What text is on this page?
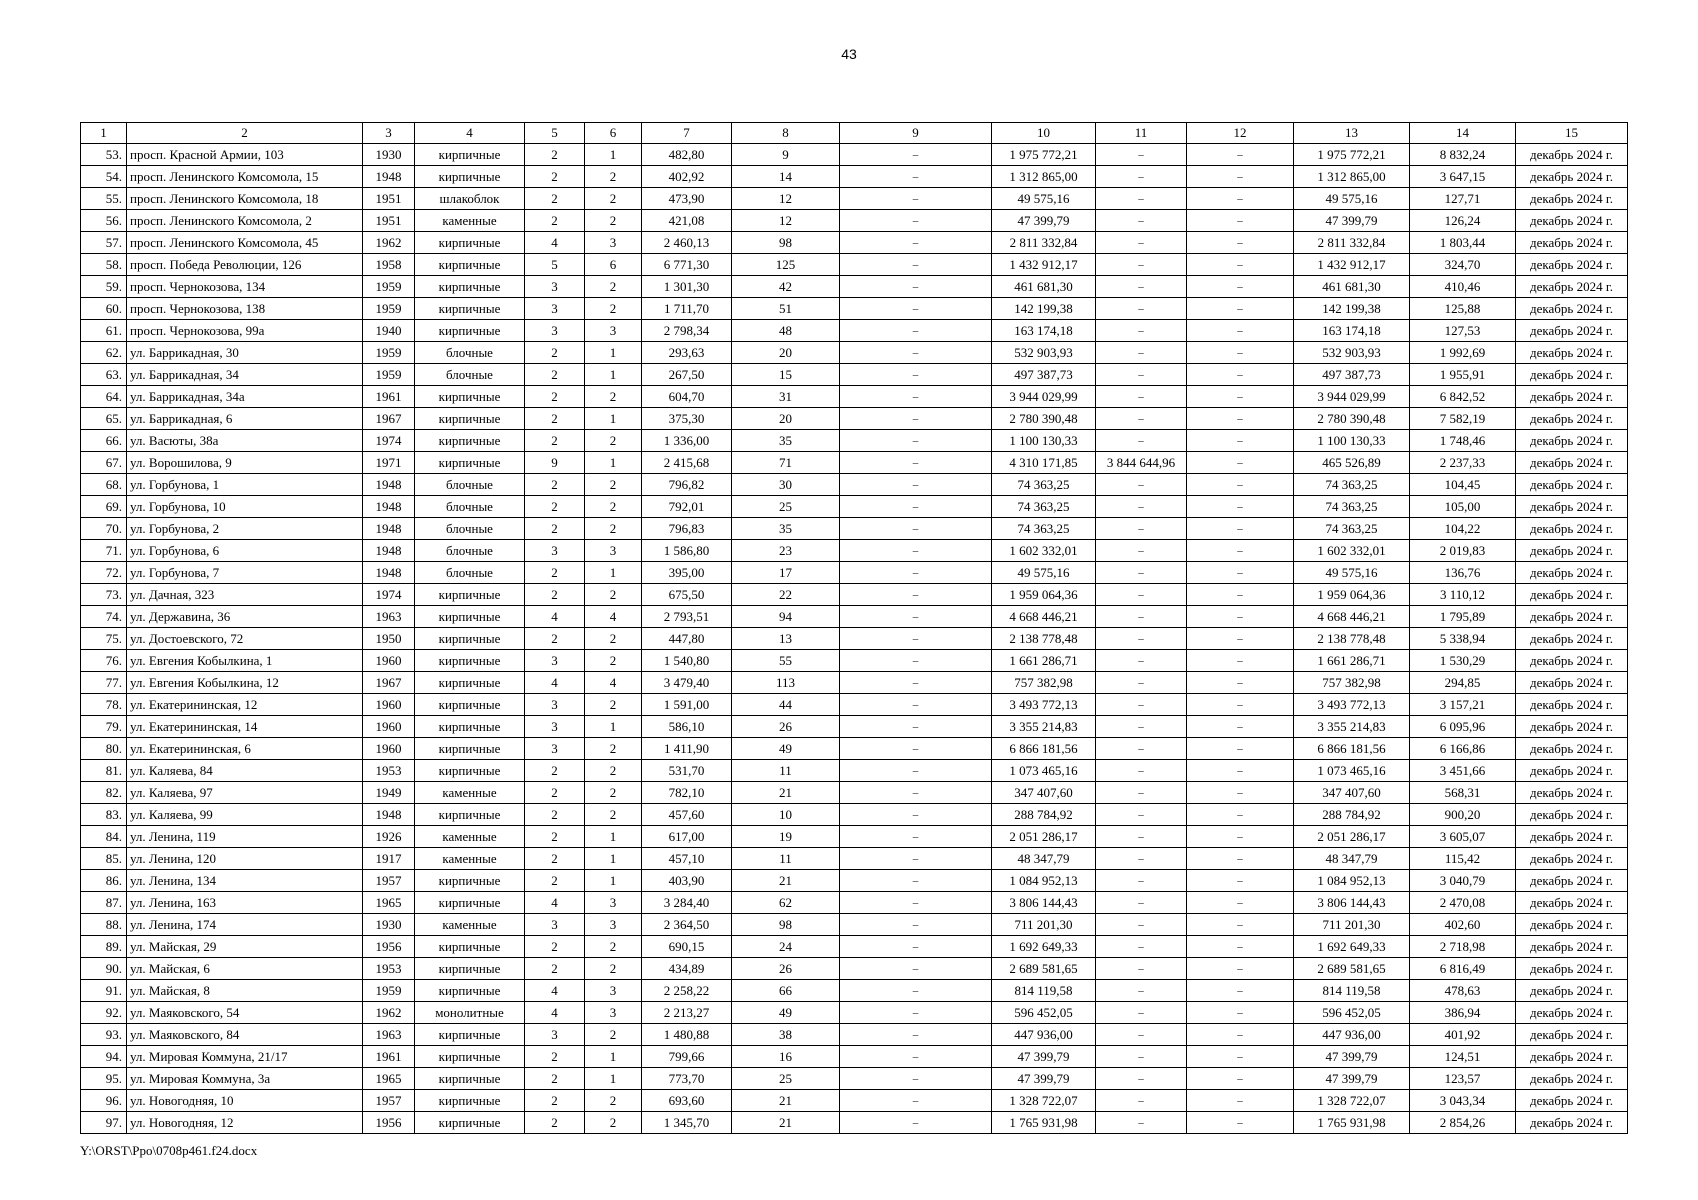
43
1	2	3	4	5	6	7	8	9	10	11	12	13	14	15
53.	просп. Красной Армии, 103	1930	кирпичные	2	1	482,80	9	–	1 975 772,21	–	–	1 975 772,21	8 832,24	декабрь 2024 г.
54.	просп. Ленинского Комсомола, 15	1948	кирпичные	2	2	402,92	14	–	1 312 865,00	–	–	1 312 865,00	3 647,15	декабрь 2024 г.
55.	просп. Ленинского Комсомола, 18	1951	шлакоблок	2	2	473,90	12	–	49 575,16	–	–	49 575,16	127,71	декабрь 2024 г.
56.	просп. Ленинского Комсомола, 2	1951	каменные	2	2	421,08	12	–	47 399,79	–	–	47 399,79	126,24	декабрь 2024 г.
57.	просп. Ленинского Комсомола, 45	1962	кирпичные	4	3	2 460,13	98	–	2 811 332,84	–	–	2 811 332,84	1 803,44	декабрь 2024 г.
58.	просп. Победа Революции, 126	1958	кирпичные	5	6	6 771,30	125	–	1 432 912,17	–	–	1 432 912,17	324,70	декабрь 2024 г.
59.	просп. Чернокозова, 134	1959	кирпичные	3	2	1 301,30	42	–	461 681,30	–	–	461 681,30	410,46	декабрь 2024 г.
60.	просп. Чернокозова, 138	1959	кирпичные	3	2	1 711,70	51	–	142 199,38	–	–	142 199,38	125,88	декабрь 2024 г.
61.	просп. Чернокозова, 99а	1940	кирпичные	3	3	2 798,34	48	–	163 174,18	–	–	163 174,18	127,53	декабрь 2024 г.
62.	ул. Баррикадная, 30	1959	блочные	2	1	293,63	20	–	532 903,93	–	–	532 903,93	1 992,69	декабрь 2024 г.
63.	ул. Баррикадная, 34	1959	блочные	2	1	267,50	15	–	497 387,73	–	–	497 387,73	1 955,91	декабрь 2024 г.
64.	ул. Баррикадная, 34а	1961	кирпичные	2	2	604,70	31	–	3 944 029,99	–	–	3 944 029,99	6 842,52	декабрь 2024 г.
65.	ул. Баррикадная, 6	1967	кирпичные	2	1	375,30	20	–	2 780 390,48	–	–	2 780 390,48	7 582,19	декабрь 2024 г.
66.	ул. Васюты, 38а	1974	кирпичные	2	2	1 336,00	35	–	1 100 130,33	–	–	1 100 130,33	1 748,46	декабрь 2024 г.
67.	ул. Ворошилова, 9	1971	кирпичные	9	1	2 415,68	71	–	4 310 171,85	3 844 644,96	–	465 526,89	2 237,33	декабрь 2024 г.
68.	ул. Горбунова, 1	1948	блочные	2	2	796,82	30	–	74 363,25	–	–	74 363,25	104,45	декабрь 2024 г.
69.	ул. Горбунова, 10	1948	блочные	2	2	792,01	25	–	74 363,25	–	–	74 363,25	105,00	декабрь 2024 г.
70.	ул. Горбунова, 2	1948	блочные	2	2	796,83	35	–	74 363,25	–	–	74 363,25	104,22	декабрь 2024 г.
71.	ул. Горбунова, 6	1948	блочные	3	3	1 586,80	23	–	1 602 332,01	–	–	1 602 332,01	2 019,83	декабрь 2024 г.
72.	ул. Горбунова, 7	1948	блочные	2	1	395,00	17	–	49 575,16	–	–	49 575,16	136,76	декабрь 2024 г.
73.	ул. Дачная, 323	1974	кирпичные	2	2	675,50	22	–	1 959 064,36	–	–	1 959 064,36	3 110,12	декабрь 2024 г.
74.	ул. Державина, 36	1963	кирпичные	4	4	2 793,51	94	–	4 668 446,21	–	–	4 668 446,21	1 795,89	декабрь 2024 г.
75.	ул. Достоевского, 72	1950	кирпичные	2	2	447,80	13	–	2 138 778,48	–	–	2 138 778,48	5 338,94	декабрь 2024 г.
76.	ул. Евгения Кобылкина, 1	1960	кирпичные	3	2	1 540,80	55	–	1 661 286,71	–	–	1 661 286,71	1 530,29	декабрь 2024 г.
77.	ул. Евгения Кобылкина, 12	1967	кирпичные	4	4	3 479,40	113	–	757 382,98	–	–	757 382,98	294,85	декабрь 2024 г.
78.	ул. Екатерининская, 12	1960	кирпичные	3	2	1 591,00	44	–	3 493 772,13	–	–	3 493 772,13	3 157,21	декабрь 2024 г.
79.	ул. Екатерининская, 14	1960	кирпичные	3	1	586,10	26	–	3 355 214,83	–	–	3 355 214,83	6 095,96	декабрь 2024 г.
80.	ул. Екатерининская, 6	1960	кирпичные	3	2	1 411,90	49	–	6 866 181,56	–	–	6 866 181,56	6 166,86	декабрь 2024 г.
81.	ул. Каляева, 84	1953	кирпичные	2	2	531,70	11	–	1 073 465,16	–	–	1 073 465,16	3 451,66	декабрь 2024 г.
82.	ул. Каляева, 97	1949	каменные	2	2	782,10	21	–	347 407,60	–	–	347 407,60	568,31	декабрь 2024 г.
83.	ул. Каляева, 99	1948	кирпичные	2	2	457,60	10	–	288 784,92	–	–	288 784,92	900,20	декабрь 2024 г.
84.	ул. Ленина, 119	1926	каменные	2	1	617,00	19	–	2 051 286,17	–	–	2 051 286,17	3 605,07	декабрь 2024 г.
85.	ул. Ленина, 120	1917	каменные	2	1	457,10	11	–	48 347,79	–	–	48 347,79	115,42	декабрь 2024 г.
86.	ул. Ленина, 134	1957	кирпичные	2	1	403,90	21	–	1 084 952,13	–	–	1 084 952,13	3 040,79	декабрь 2024 г.
87.	ул. Ленина, 163	1965	кирпичные	4	3	3 284,40	62	–	3 806 144,43	–	–	3 806 144,43	2 470,08	декабрь 2024 г.
88.	ул. Ленина, 174	1930	каменные	3	3	2 364,50	98	–	711 201,30	–	–	711 201,30	402,60	декабрь 2024 г.
89.	ул. Майская, 29	1956	кирпичные	2	2	690,15	24	–	1 692 649,33	–	–	1 692 649,33	2 718,98	декабрь 2024 г.
90.	ул. Майская, 6	1953	кирпичные	2	2	434,89	26	–	2 689 581,65	–	–	2 689 581,65	6 816,49	декабрь 2024 г.
91.	ул. Майская, 8	1959	кирпичные	4	3	2 258,22	66	–	814 119,58	–	–	814 119,58	478,63	декабрь 2024 г.
92.	ул. Маяковского, 54	1962	монолитные	4	3	2 213,27	49	–	596 452,05	–	–	596 452,05	386,94	декабрь 2024 г.
93.	ул. Маяковского, 84	1963	кирпичные	3	2	1 480,88	38	–	447 936,00	–	–	447 936,00	401,92	декабрь 2024 г.
94.	ул. Мировая Коммуна, 21/17	1961	кирпичные	2	1	799,66	16	–	47 399,79	–	–	47 399,79	124,51	декабрь 2024 г.
95.	ул. Мировая Коммуна, 3а	1965	кирпичные	2	1	773,70	25	–	47 399,79	–	–	47 399,79	123,57	декабрь 2024 г.
96.	ул. Новогодняя, 10	1957	кирпичные	2	2	693,60	21	–	1 328 722,07	–	–	1 328 722,07	3 043,34	декабрь 2024 г.
97.	ул. Новогодняя, 12	1956	кирпичные	2	2	1 345,70	21	–	1 765 931,98	–	–	1 765 931,98	2 854,26	декабрь 2024 г.
Y:\ORST\Ppo\0708p461.f24.docx
